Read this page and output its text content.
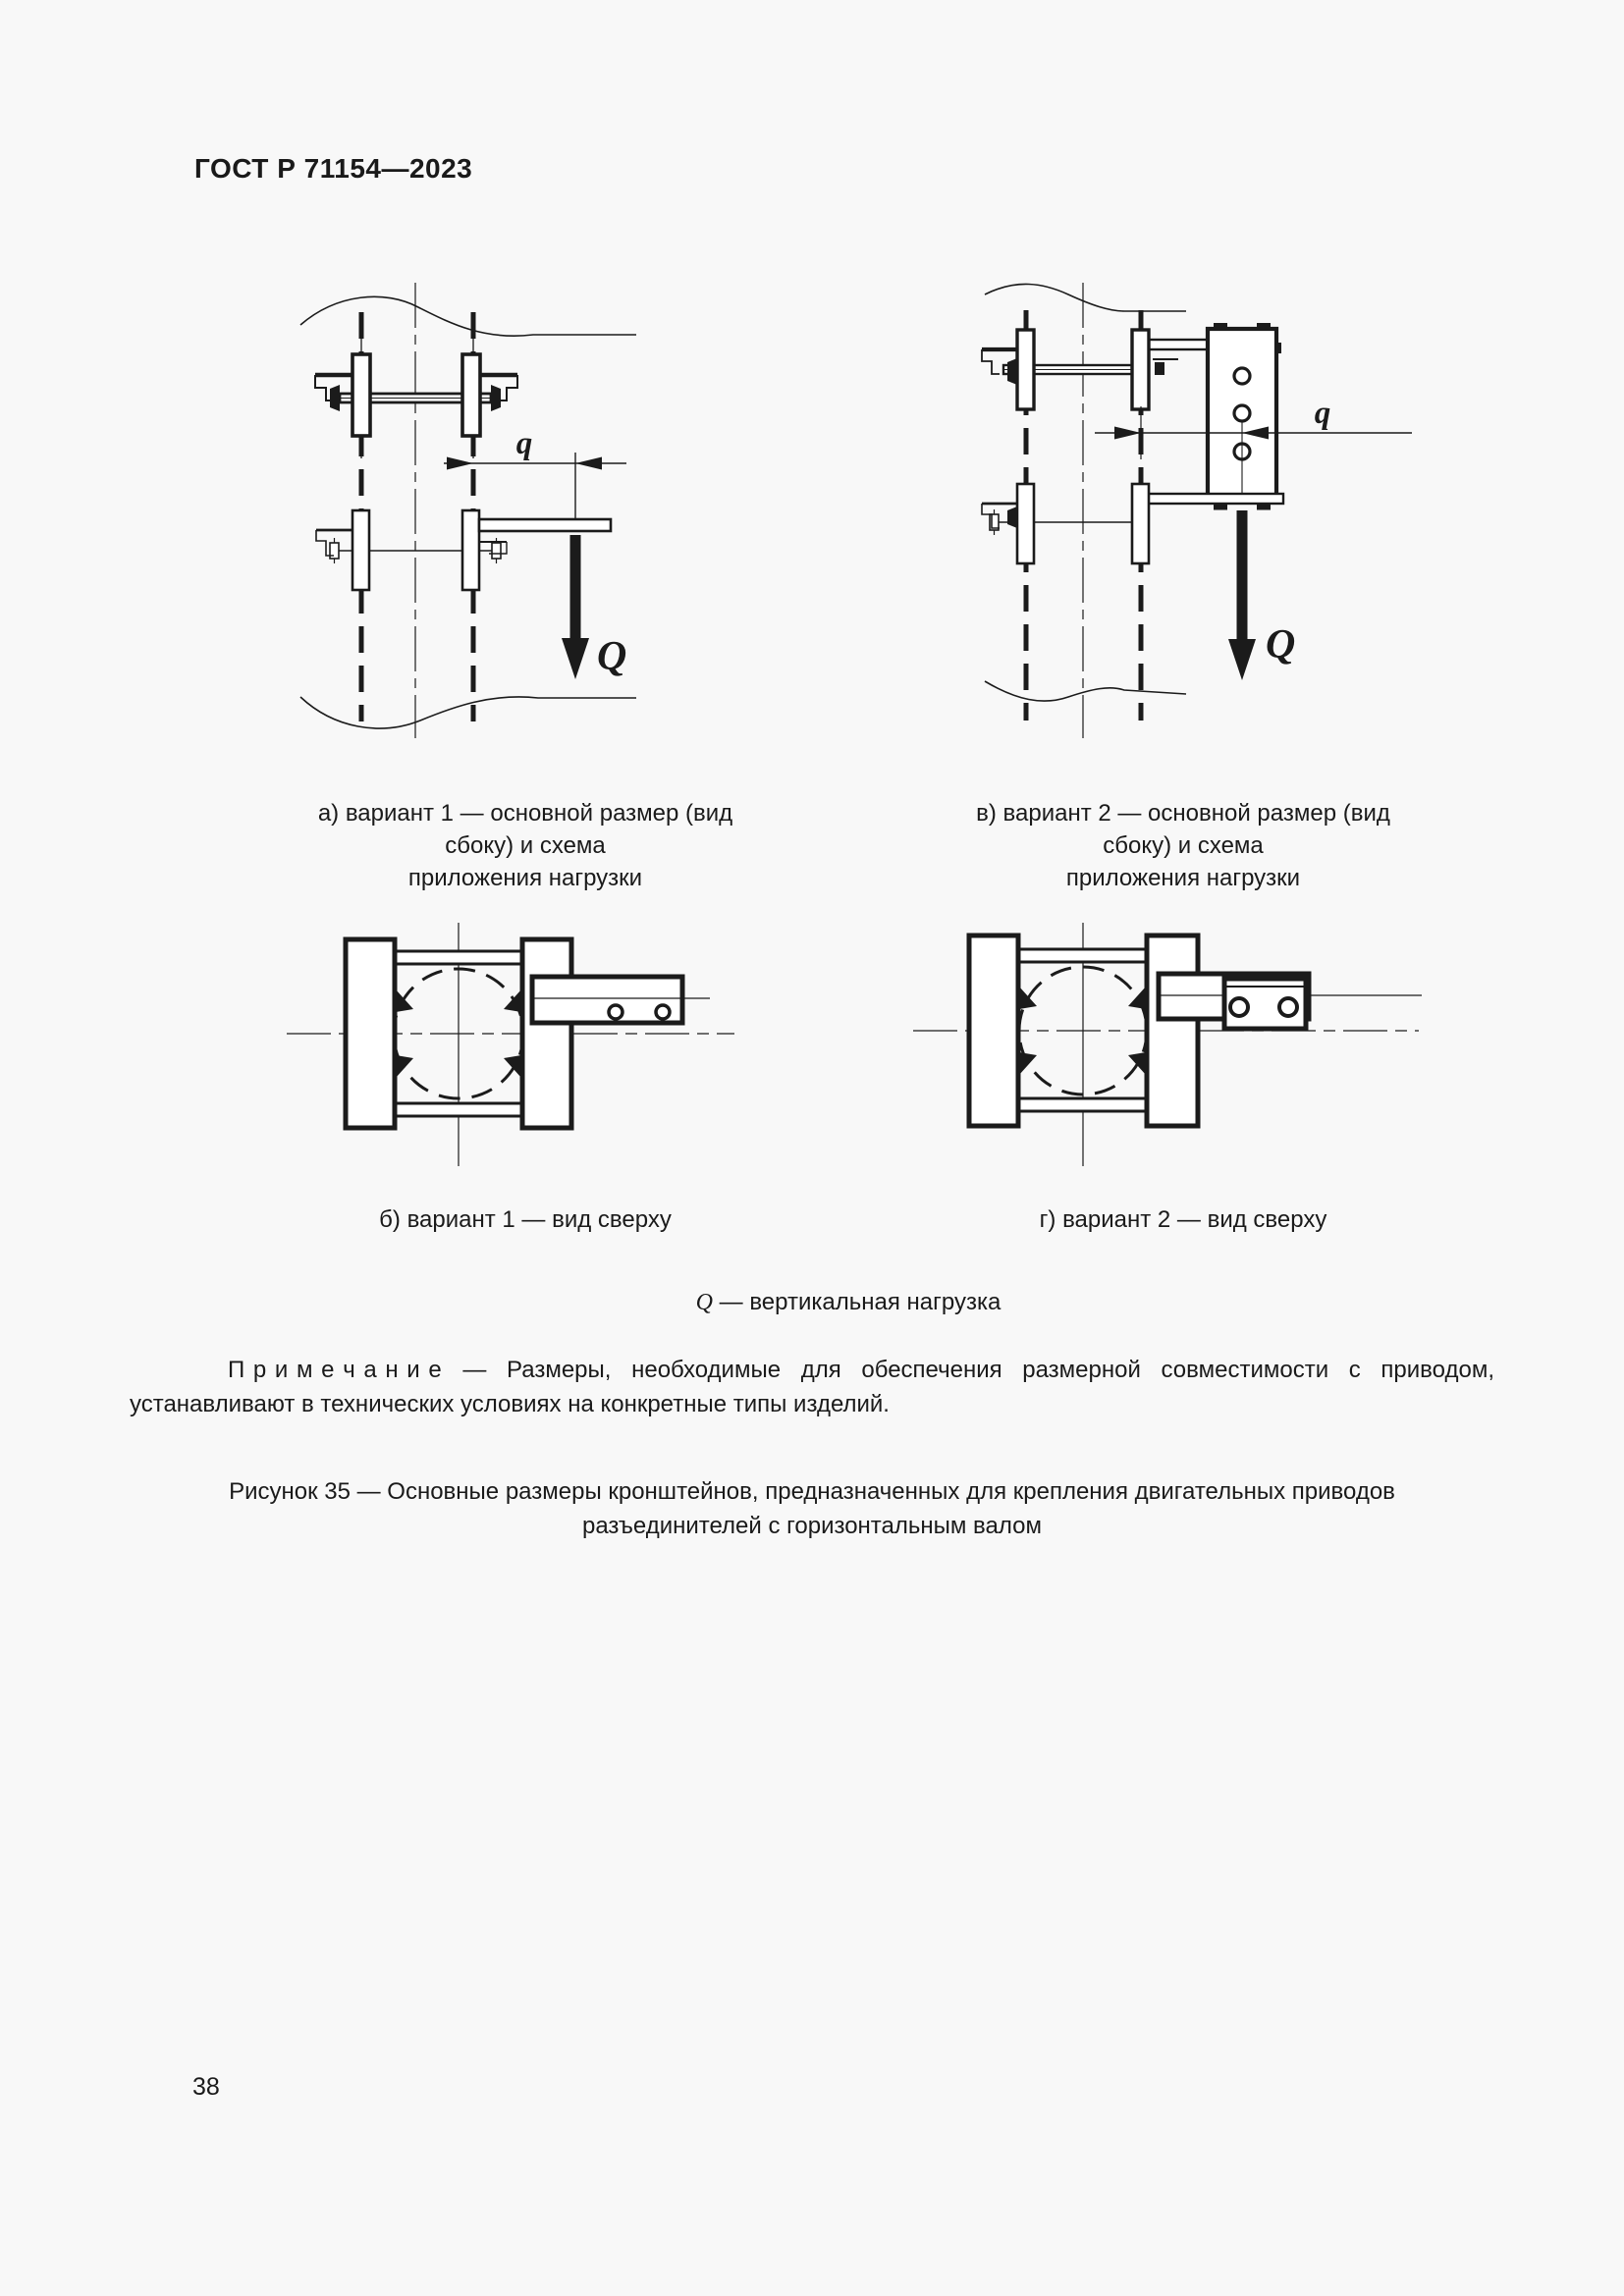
ГОСТ Р 71154—2023
q
Q
q
Q
а) вариант 1 — основной размер (вид сбоку) и схема
приложения нагрузки
в) вариант 2 — основной размер (вид сбоку) и схема
приложения нагрузки
б) вариант 1 — вид сверху	г) вариант 2 — вид сверху
Q — вертикальная нагрузка
П р и м е ч а н и е — Размеры, необходимые для обеспечения размерной совместимости с приводом,
устанавливают в технических условиях на конкретные типы изделий.
Рисунок 35 — Основные размеры кронштейнов, предназначенных для крепления двигательных приводов
разъединителей с горизонтальным валом
38
